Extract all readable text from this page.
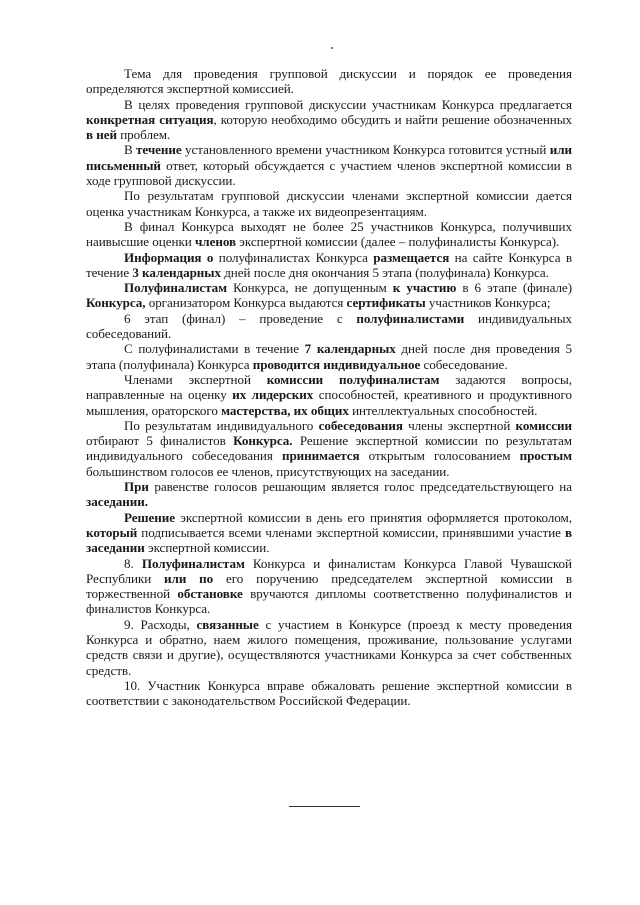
Тема для проведения групповой дискуссии и порядок ее проведения определяются экспертной комиссией.

В целях проведения групповой дискуссии участникам Конкурса предлагается конкретная ситуация, которую необходимо обсудить и найти решение обозначенных в ней проблем.

В течение установленного времени участником Конкурса готовится устный или письменный ответ, который обсуждается с участием членов экспертной комиссии в ходе групповой дискуссии.

По результатам групповой дискуссии членами экспертной комиссии дается оценка участникам Конкурса, а также их видеопрезентациям.

В финал Конкурса выходят не более 25 участников Конкурса, получивших наивысшие оценки членов экспертной комиссии (далее – полуфиналисты Конкурса).

Информация о полуфиналистах Конкурса размещается на сайте Конкурса в течение 3 календарных дней после дня окончания 5 этапа (полуфинала) Конкурса.

Полуфиналистам Конкурса, не допущенным к участию в 6 этапе (финале) Конкурса, организатором Конкурса выдаются сертификаты участников Конкурса;

6 этап (финал) – проведение с полуфиналистами индивидуальных собеседований.

С полуфиналистами в течение 7 календарных дней после дня проведения 5 этапа (полуфинала) Конкурса проводится индивидуальное собеседование.

Членами экспертной комиссии полуфиналистам задаются вопросы, направленные на оценку их лидерских способностей, креативного и продуктивного мышления, ораторского мастерства, их общих интеллектуальных способностей.

По результатам индивидуального собеседования члены экспертной комиссии отбирают 5 финалистов Конкурса. Решение экспертной комиссии по результатам индивидуального собеседования принимается открытым голосованием простым большинством голосов ее членов, присутствующих на заседании.

При равенстве голосов решающим является голос председательствующего на заседании.

Решение экспертной комиссии в день его принятия оформляется протоколом, который подписывается всеми членами экспертной комиссии, принявшими участие в заседании экспертной комиссии.

8. Полуфиналистам Конкурса и финалистам Конкурса Главой Чувашской Республики или по его поручению председателем экспертной комиссии в торжественной обстановке вручаются дипломы соответственно полуфиналистов и финалистов Конкурса.

9. Расходы, связанные с участием в Конкурсе (проезд к месту проведения Конкурса и обратно, наем жилого помещения, проживание, пользование услугами средств связи и другие), осуществляются участниками Конкурса за счет собственных средств.

10. Участник Конкурса вправе обжаловать решение экспертной комиссии в соответствии с законодательством Российской Федерации.
